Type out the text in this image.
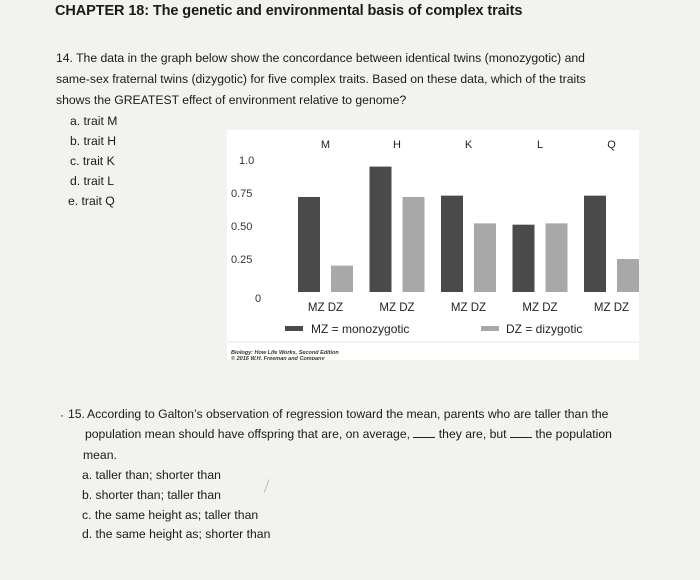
CHAPTER 18: The genetic and environmental basis of complex traits
14. The data in the graph below show the concordance between identical twins (monozygotic) and
same-sex fraternal twins (dizygotic) for five complex traits. Based on these data, which of the traits
shows the GREATEST effect of environment relative to genome?
a. trait M
b. trait H
c. trait K
d. trait L
e. trait Q
1.0
0.75
0.50
0.25
0
M	H	K	L	Q
MZ DZ	MZ DZ	MZ DZ	MZ DZ	MZ DZ
MZ = monozygotic	DZ = dizygotic
Biology: How Life Works, Second Edition
© 2016 W.H. Freeman and Company
· 15. According to Galton’s observation of regression toward the mean, parents who are taller than the
population mean should have offspring that are, on average, they are, but the population
mean.
a. taller than; shorter than
b. shorter than; taller than
c. the same height as; taller than
d. the same height as; shorter than
